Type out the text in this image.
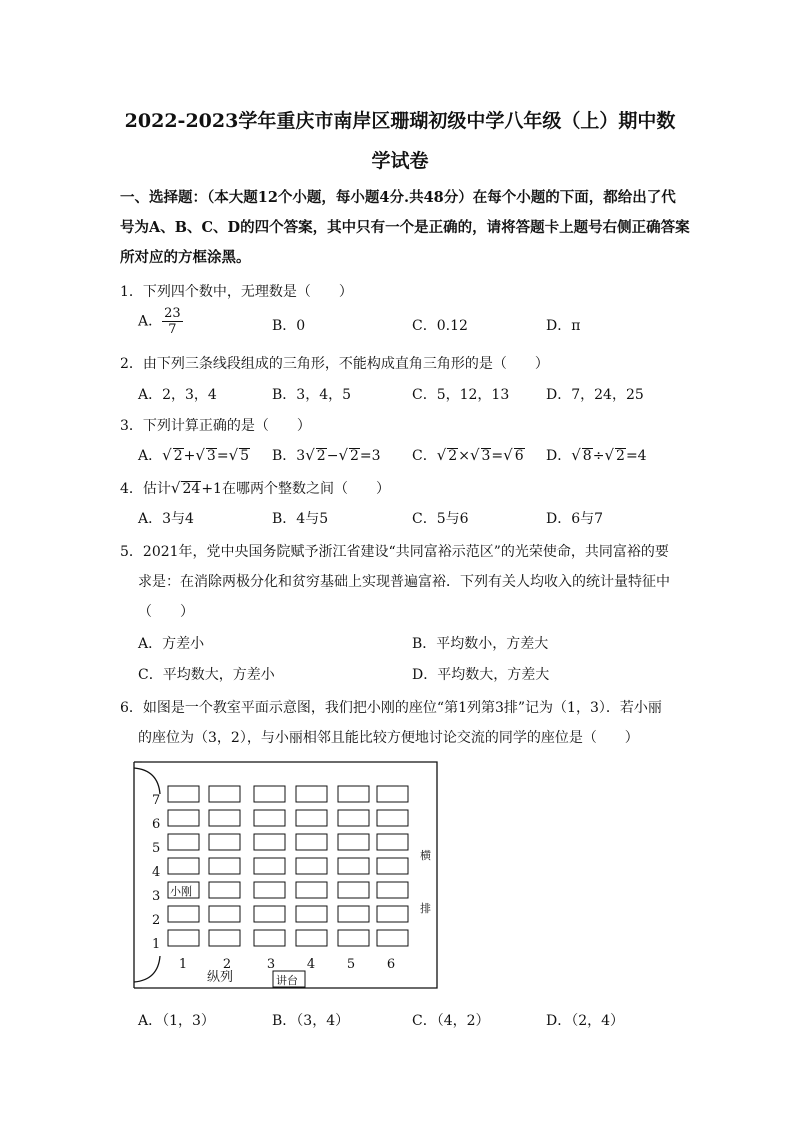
2022-2023学年重庆市南岸区珊瑚初级中学八年级（上）期中数
学试卷
一、选择题：（本大题12个小题，每小题4分.共48分）在每个小题的下面，都给出了代
号为A、B、C、D的四个答案，其中只有一个是正确的，请将答题卡上题号右侧正确答案
所对应的方框涂黑。
1．下列四个数中，无理数是（　　）
A． $\frac{23}{7}$	B．0	C．0.12	D．π
2．由下列三条线段组成的三角形，不能构成直角三角形的是（　　）
A．2，3，4	B．3，4，5	C．5，12，13	D．7，24，25
3．下列计算正确的是（　　）
A．√ 2+√ 3=√ 5 B．3√ 2−√ 2=3 C．√ 2×√ 3=√ 6 D．√ 8÷√ 2=4
4．估计√ 24+1在哪两个整数之间（　　）
A．3与4	B．4与5	C．5与6	D．6与7
5．2021年，党中央国务院赋予浙江省建设“共同富裕示范区”的光荣使命，共同富裕的要
求是：在消除两极分化和贫穷基础上实现普遍富裕．下列有关人均收入的统计量特征中
（　　）
A．方差小	B．平均数小，方差大
C．平均数大，方差小	D．平均数大，方差大
6．如图是一个教室平面示意图，我们把小刚的座位“第1列第3排”记为（1，3）．若小丽
的座位为（3，2），与小丽相邻且能比较方便地讨论交流的同学的座位是（　　）
7
6
5
4
3
2
1
小刚
1	2	3 4 5 6
纵列	讲台
横
排
A．（1，3）	B．（3，4）	C．（4，2）	D．（2，4）
